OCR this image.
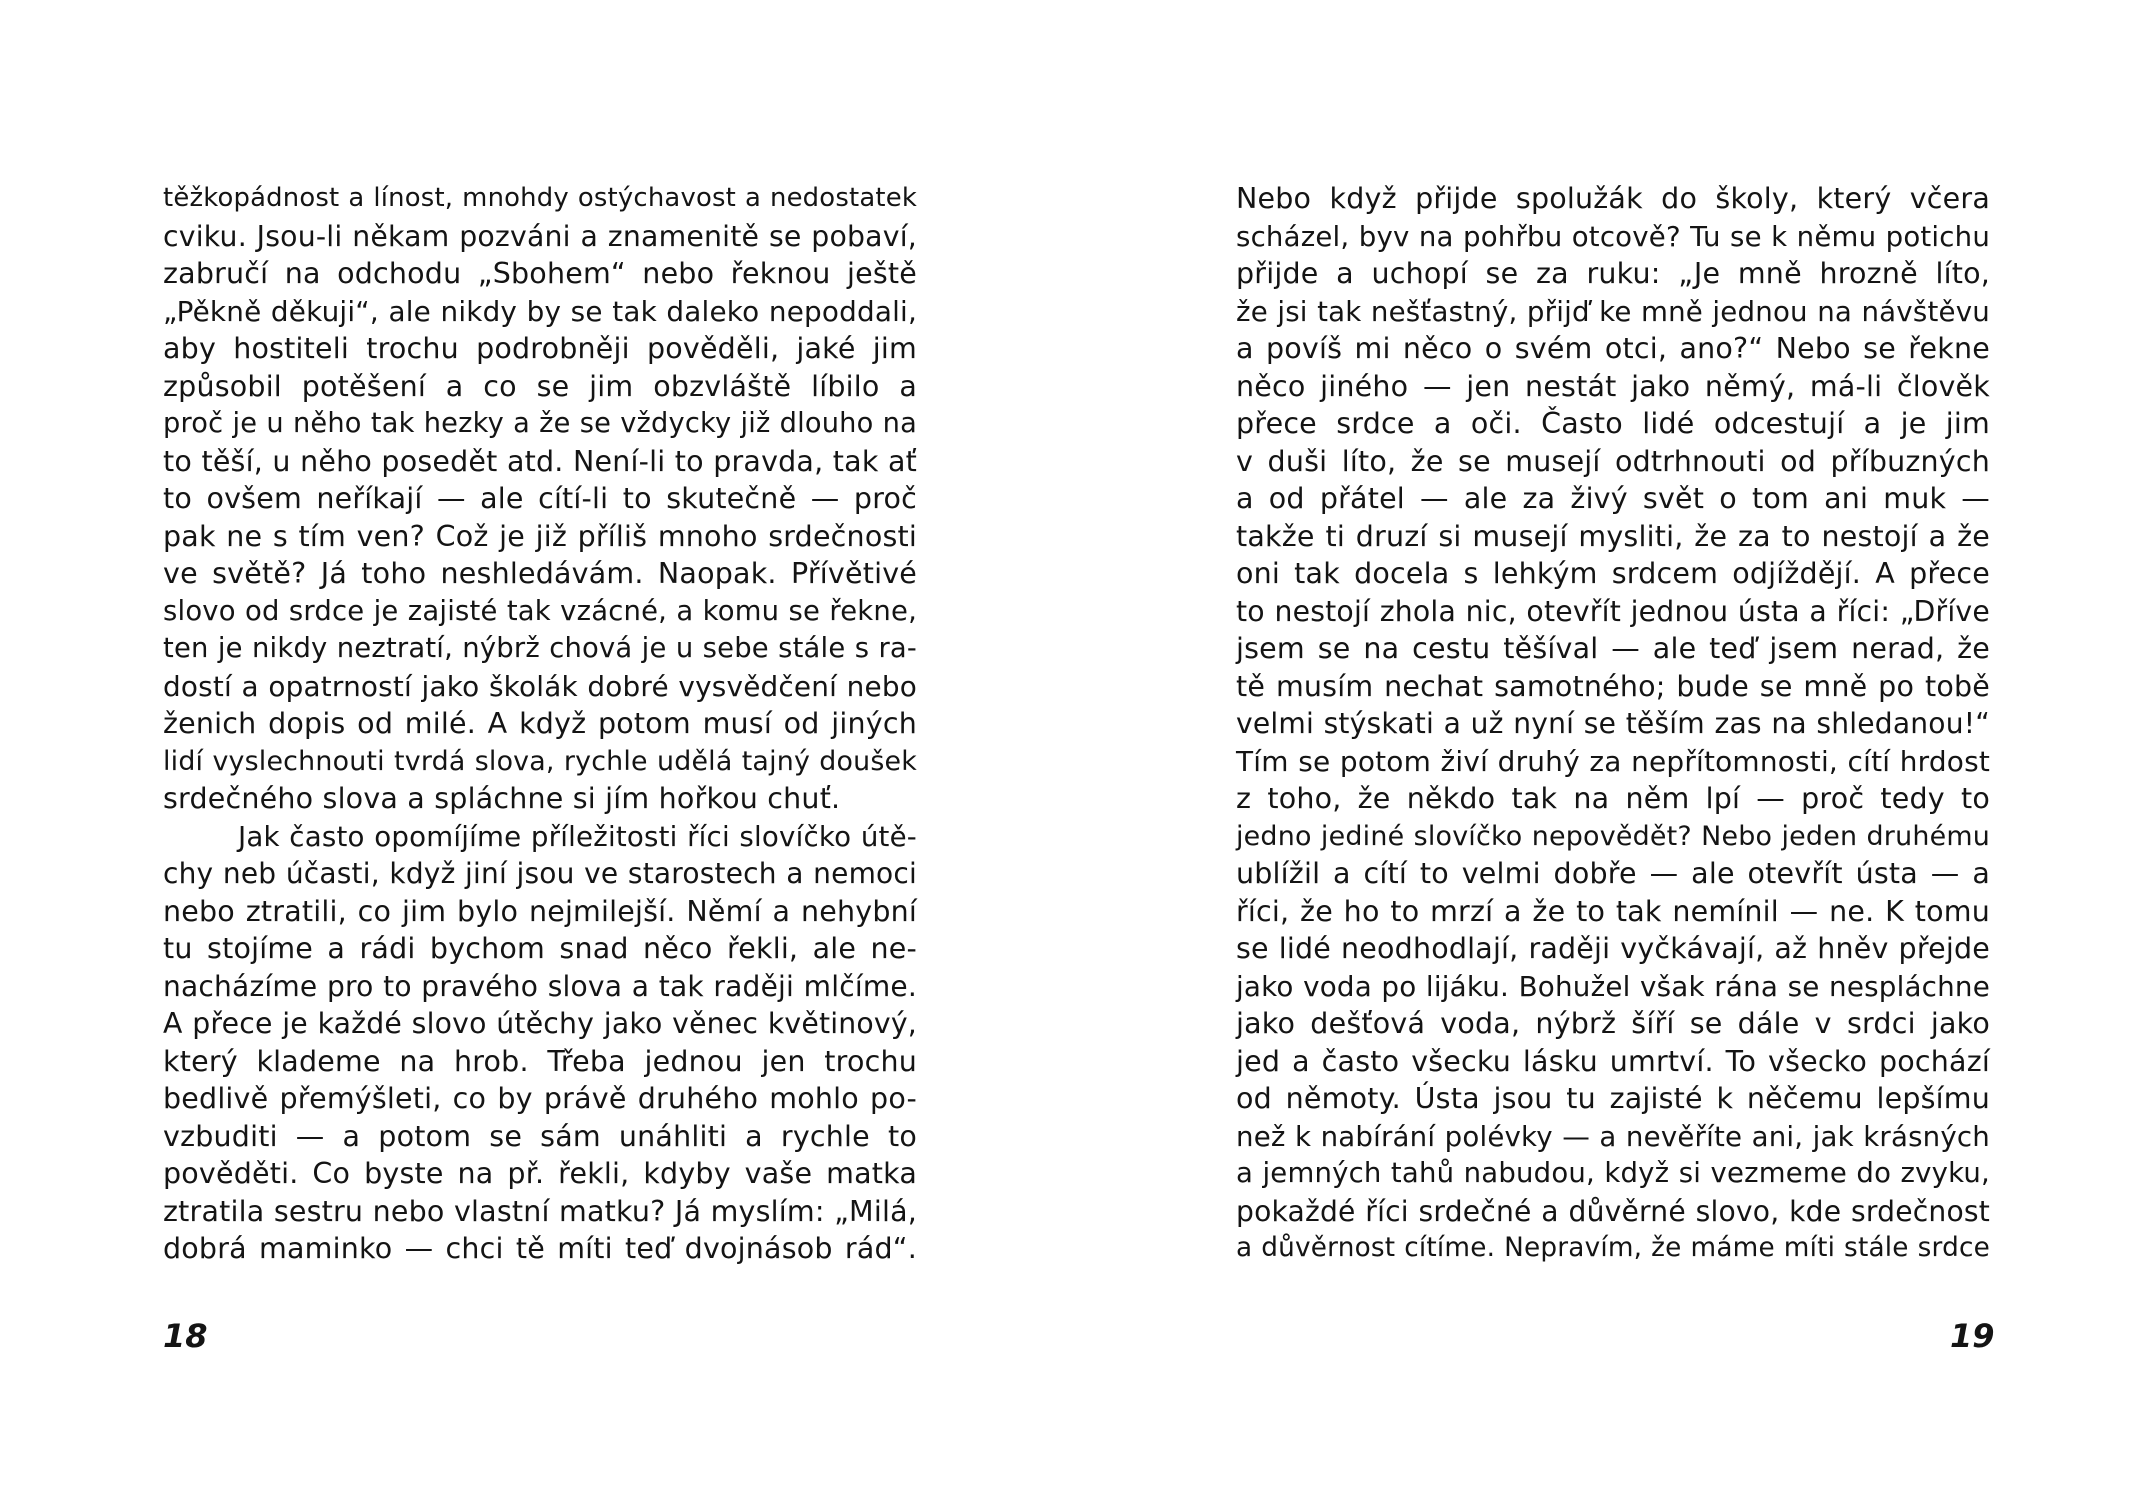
těžkopádnost a línost, mnohdy ostýchavost a nedostatek
cviku. Jsou-li někam pozváni a znamenitě se pobaví,
zabručí na odchodu „Sbohem“ nebo řeknou ještě
„Pěkně děkuji“, ale nikdy by se tak daleko nepoddali,
aby hostiteli trochu podrobněji pověděli, jaké jim
způsobil potěšení a co se jim obzvláště líbilo a
proč je u něho tak hezky a že se vždycky již dlouho na
to těší, u něho posedět atd. Není-li to pravda, tak ať
to ovšem neříkají — ale cítí-li to skutečně — proč
pak ne s tím ven? Což je již příliš mnoho srdečnosti
ve světě? Já toho neshledávám. Naopak. Přívětivé
slovo od srdce je zajisté tak vzácné, a komu se řekne,
ten je nikdy neztratí, nýbrž chová je u sebe stále s ra-
dostí a opatrností jako školák dobré vysvědčení nebo
ženich dopis od milé. A když potom musí od jiných
lidí vyslechnouti tvrdá slova, rychle udělá tajný doušek
srdečného slova a spláchne si jím hořkou chuť.
Jak často opomíjíme příležitosti říci slovíčko útě-
chy neb účasti, když jiní jsou ve starostech a nemoci
nebo ztratili, co jim bylo nejmilejší. Němí a nehybní
tu stojíme a rádi bychom snad něco řekli, ale ne-
nacházíme pro to pravého slova a tak raději mlčíme.
A přece je každé slovo útěchy jako věnec květinový,
který klademe na hrob. Třeba jednou jen trochu
bedlivě přemýšleti, co by právě druhého mohlo po-
vzbuditi — a potom se sám unáhliti a rychle to
pověděti. Co byste na př. řekli, kdyby vaše matka
ztratila sestru nebo vlastní matku? Já myslím: „Milá,
dobrá maminko — chci tě míti teď dvojnásob rád“.
Nebo když přijde spolužák do školy, který včera
scházel, byv na pohřbu otcově? Tu se k němu potichu
přijde a uchopí se za ruku: „Je mně hrozně líto,
že jsi tak nešťastný, přijď ke mně jednou na návštěvu
a povíš mi něco o svém otci, ano?“ Nebo se řekne
něco jiného — jen nestát jako němý, má-li člověk
přece srdce a oči. Často lidé odcestují a je jim
v duši líto, že se musejí odtrhnouti od příbuzných
a od přátel — ale za živý svět o tom ani muk —
takže ti druzí si musejí mysliti, že za to nestojí a že
oni tak docela s lehkým srdcem odjíždějí. A přece
to nestojí zhola nic, otevřít jednou ústa a říci: „Dříve
jsem se na cestu těšíval — ale teď jsem nerad, že
tě musím nechat samotného; bude se mně po tobě
velmi stýskati a už nyní se těším zas na shledanou!“
Tím se potom živí druhý za nepřítomnosti, cítí hrdost
z toho, že někdo tak na něm lpí — proč tedy to
jedno jediné slovíčko nepovědět? Nebo jeden druhému
ublížil a cítí to velmi dobře — ale otevřít ústa — a
říci, že ho to mrzí a že to tak nemínil — ne. K tomu
se lidé neodhodlají, raději vyčkávají, až hněv přejde
jako voda po lijáku. Bohužel však rána se nespláchne
jako dešťová voda, nýbrž šíří se dále v srdci jako
jed a často všecku lásku umrtví. To všecko pochází
od němoty. Ústa jsou tu zajisté k něčemu lepšímu
než k nabírání polévky — a nevěříte ani, jak krásných
a jemných tahů nabudou, když si vezmeme do zvyku,
pokaždé říci srdečné a důvěrné slovo, kde srdečnost
a důvěrnost cítíme. Nepravím, že máme míti stále srdce
18	19
